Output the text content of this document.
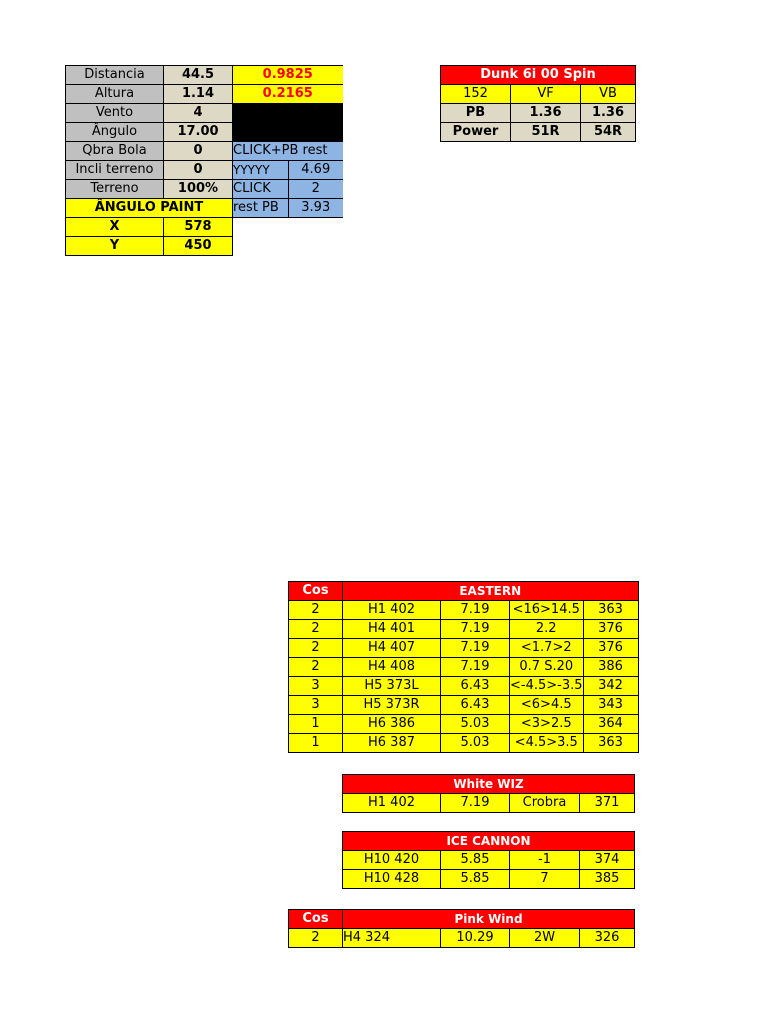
Distancia	44.5	0.9825	
Altura	1.14	0.2165	
Vento	4		
Ângulo	17.00		
Qbra Bola	0	CLICK+PB rest	
Incli terreno	0	YYYYY	4.69
Terreno	100%	CLICK	2
ÂNGULO PAINT		rest PB	3.93
X	578		
Y	450		
Dunk 6i 00 Spin		
152	VF	VB
PB	1.36	1.36
Power	51R	54R
Cos	EASTERN			
2	H1 402	7.19	<16>14.5	363
2	H4 401	7.19	2.2	376
2	H4 407	7.19	<1.7>2	376
2	H4 408	7.19	0.7 S.20	386
3	H5 373L	6.43	<-4.5>-3.5	342
3	H5 373R	6.43	<6>4.5	343
1	H6 386	5.03	<3>2.5	364
1	H6 387	5.03	<4.5>3.5	363
White WIZ
H1 402	7.19	Crobra	371
ICE CANNON			
H10 420	5.85	-1	374
H10 428	5.85	7	385
Cos	Pink Wind			
2	H4 324	10.29	2W	326
